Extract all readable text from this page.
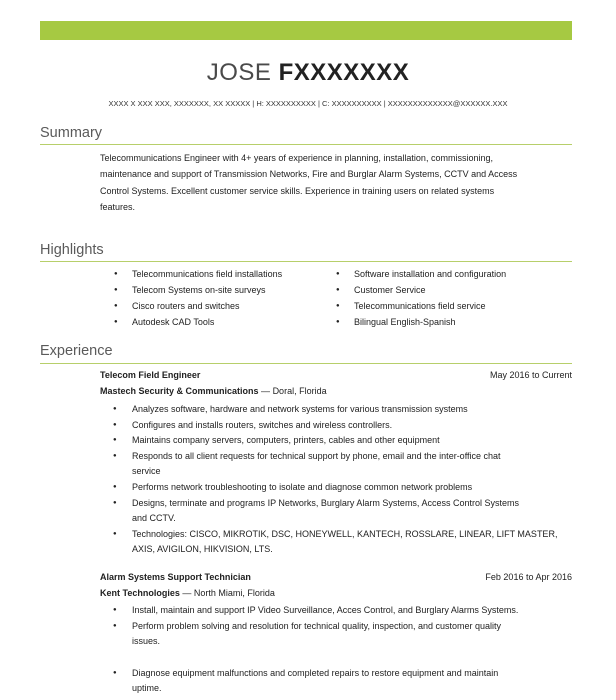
JOSE FXXXXXXX
XXXX X XXX XXX, XXXXXXX, XX XXXXX | H: XXXXXXXXXX | C: XXXXXXXXXX | XXXXXXXXXXXXX@XXXXXX.XXX
Summary
Telecommunications Engineer with 4+ years of experience in planning, installation, commissioning,
maintenance and support of Transmission Networks, Fire and Burglar Alarm Systems, CCTV and Access
Control Systems. Excellent customer service skills. Experience in training users on related systems
features.
Highlights
● Telecommunications field installations
● Telecom Systems on-site surveys
● Cisco routers and switches
● Autodesk CAD Tools
● Software installation and configuration
● Customer Service
● Telecommunications field service
● Bilingual English-Spanish
Experience
Telecom Field Engineer	May 2016 to Current
Mastech Security & Communications — Doral, Florida
● Analyzes software, hardware and network systems for various transmission systems
● Configures and installs routers, switches and wireless controllers.
● Maintains company servers, computers, printers, cables and other equipment
● Responds to all client requests for technical support by phone, email and the inter-office chat
service
● Performs network troubleshooting to isolate and diagnose common network problems
● Designs, terminate and programs IP Networks, Burglary Alarm Systems, Access Control Systems
and CCTV.
● Technologies: CISCO, MIKROTIK, DSC, HONEYWELL, KANTECH, ROSSLARE, LINEAR, LIFT MASTER,
AXIS, AVIGILON, HIKVISION, LTS.
Alarm Systems Support Technician	Feb 2016 to Apr 2016
Kent Technologies — North Miami, Florida
● Install, maintain and support IP Video Surveillance, Acces Control, and Burglary Alarms Systems.
● Perform problem solving and resolution for technical quality, inspection, and customer quality
issues.
● Diagnose equipment malfunctions and completed repairs to restore equipment and maintain
uptime.
